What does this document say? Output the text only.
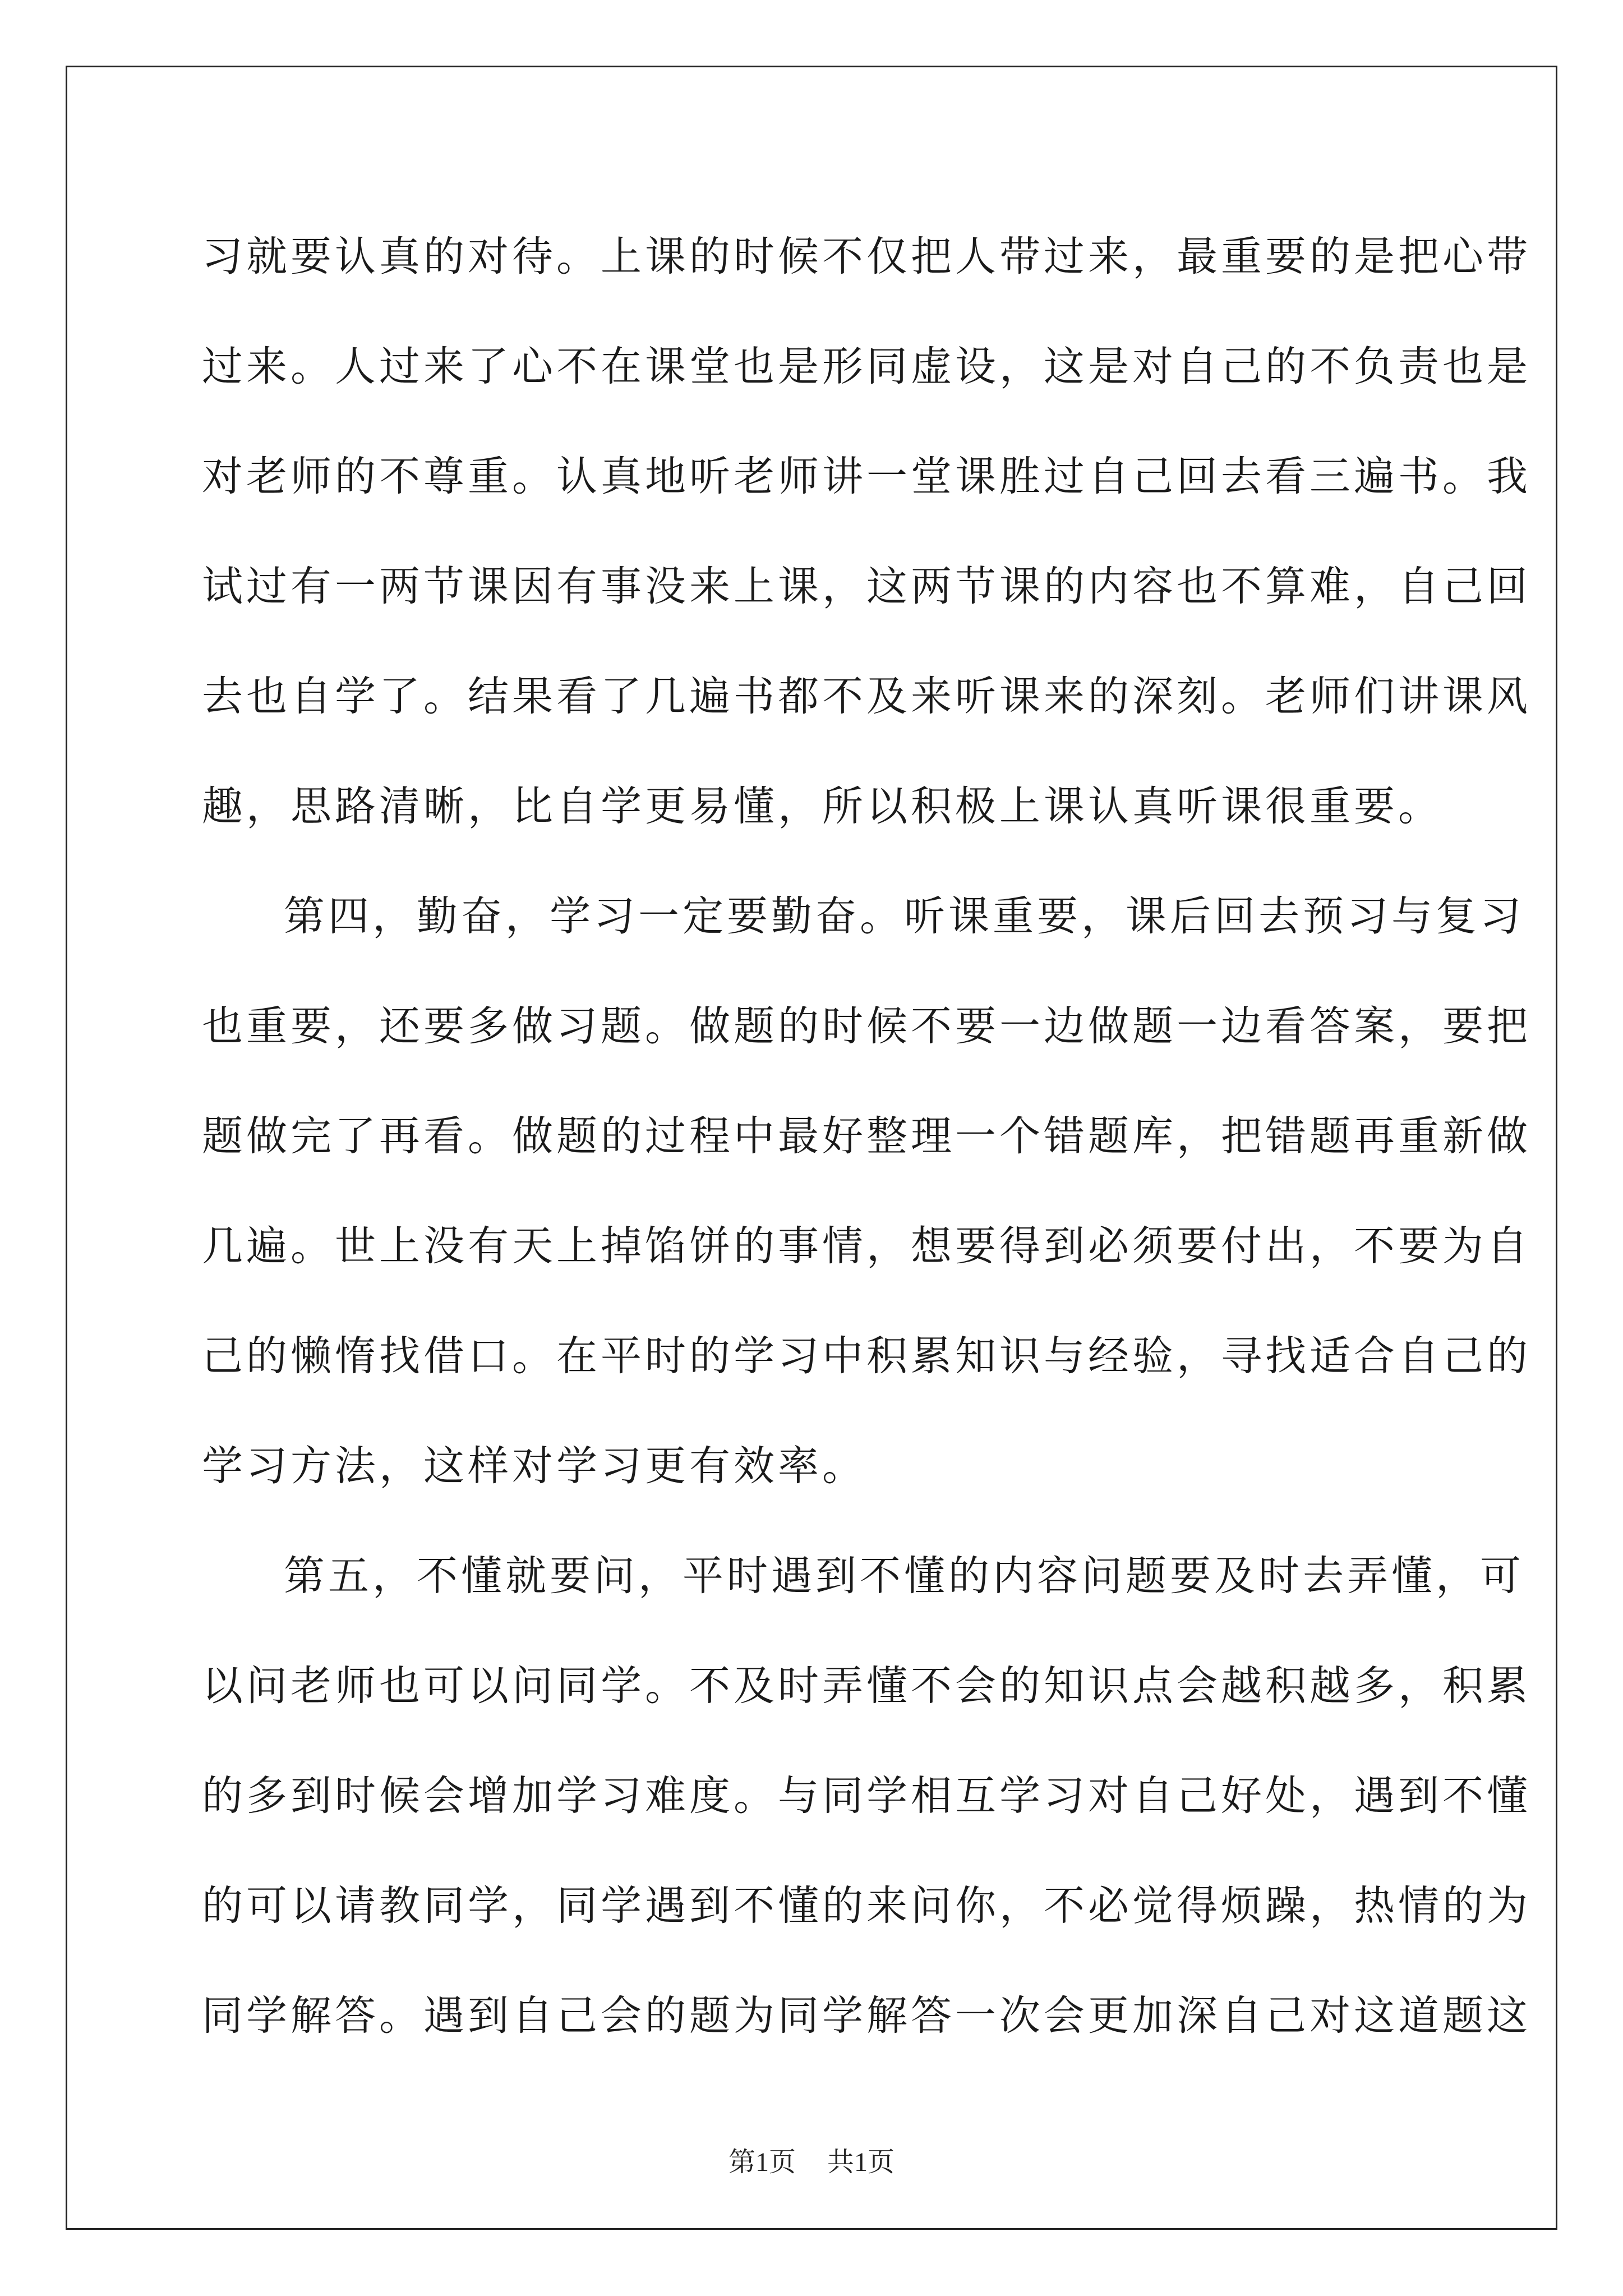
习就要认真的对待。上课的时候不仅把人带过来，最重要的是把心带
过来。人过来了心不在课堂也是形同虚设，这是对自己的不负责也是
对老师的不尊重。认真地听老师讲一堂课胜过自己回去看三遍书。我
试过有一两节课因有事没来上课，这两节课的内容也不算难，自己回
去也自学了。结果看了几遍书都不及来听课来的深刻。老师们讲课风
趣，思路清晰，比自学更易懂，所以积极上课认真听课很重要。
第四，勤奋，学习一定要勤奋。听课重要，课后回去预习与复习
也重要，还要多做习题。做题的时候不要一边做题一边看答案，要把
题做完了再看。做题的过程中最好整理一个错题库，把错题再重新做
几遍。世上没有天上掉馅饼的事情，想要得到必须要付出，不要为自
己的懒惰找借口。在平时的学习中积累知识与经验，寻找适合自己的
学习方法，这样对学习更有效率。
第五，不懂就要问，平时遇到不懂的内容问题要及时去弄懂，可
以问老师也可以问同学。不及时弄懂不会的知识点会越积越多，积累
的多到时候会增加学习难度。与同学相互学习对自己好处，遇到不懂
的可以请教同学，同学遇到不懂的来问你，不必觉得烦躁，热情的为
同学解答。遇到自己会的题为同学解答一次会更加深自己对这道题这
第1页 共1页
